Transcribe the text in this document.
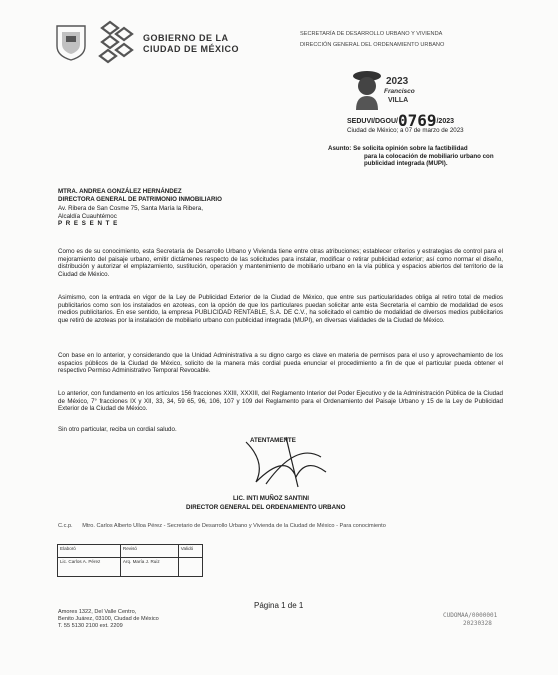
GOBIERNO DE LA
CIUDAD DE MÉXICO
SECRETARÍA DE DESARROLLO URBANO Y VIVIENDA
DIRECCIÓN GENERAL DEL ORDENAMIENTO URBANO
2023
Francisco
VILLA
SEDUVI/DGOU/0769/2023
Ciudad de México; a 07 de marzo de 2023
Asunto: Se solicita opinión sobre la factibilidad
para la colocación de mobiliario urbano con
publicidad integrada (MUPI).
MTRA. ANDREA GONZÁLEZ HERNÁNDEZ
DIRECTORA GENERAL DE PATRIMONIO INMOBILIARIO
Av. Ribera de San Cosme 75, Santa María la Ribera,
Alcaldía Cuauhtémoc
P R E S E N T E
Como es de su conocimiento, esta Secretaría de Desarrollo Urbano y Vivienda tiene entre otras atribuciones; establecer criterios y estrategias de control para el mejoramiento del paisaje urbano, emitir dictámenes respecto de las solicitudes para instalar, modificar o retirar publicidad exterior; así como normar el diseño, distribución y autorizar el emplazamiento, sustitución, operación y mantenimiento de mobiliario urbano en la vía pública y espacios abiertos del territorio de la Ciudad de México.
Asimismo, con la entrada en vigor de la Ley de Publicidad Exterior de la Ciudad de México, que entre sus particularidades obliga al retiro total de medios publicitarios como son los instalados en azoteas, con la opción de que los particulares puedan solicitar ante esta Secretaría el cambio de modalidad de esos medios publicitarios. En ese sentido, la empresa PUBLICIDAD RENTABLE, S.A. DE C.V., ha solicitado el cambio de modalidad de diversos medios publicitarios que retiró de azoteas por la instalación de mobiliario urbano con publicidad integrada (MUPI), en diversas vialidades de la Ciudad de México.
Con base en lo anterior, y considerando que la Unidad Administrativa a su digno cargo es clave en materia de permisos para el uso y aprovechamiento de los espacios públicos de la Ciudad de México, solicito de la manera más cordial pueda enunciar el procedimiento a fin de que el particular pueda obtener el respectivo Permiso Administrativo Temporal Revocable.
Lo anterior, con fundamento en los artículos 156 fracciones XXIII, XXXIII, del Reglamento Interior del Poder Ejecutivo y de la Administración Pública de la Ciudad de México, 7° fracciones IX y XII, 33, 34, 59 65, 96, 106, 107 y 109 del Reglamento para el Ordenamiento del Paisaje Urbano y 15 de la Ley de Publicidad Exterior de la Ciudad de México.
Sin otro particular, reciba un cordial saludo.
ATENTAMENTE
LIC. INTI MUÑOZ SANTINI
DIRECTOR GENERAL DEL ORDENAMIENTO URBANO
C.c.p. Mtro. Carlos Alberto Ulloa Pérez - Secretario de Desarrollo Urbano y Vivienda de la Ciudad de México - Para conocimiento
Elaboró	Revisó	Validó
Lic. Carlos A. Pérez	Arq. María J. Ruiz	
Amores 1322, Del Valle Centro,
Benito Juárez, 03100, Ciudad de México
T. 55 5130 2100 ext. 2209
Página 1 de 1
CUDOMAA/0000001
20230328
